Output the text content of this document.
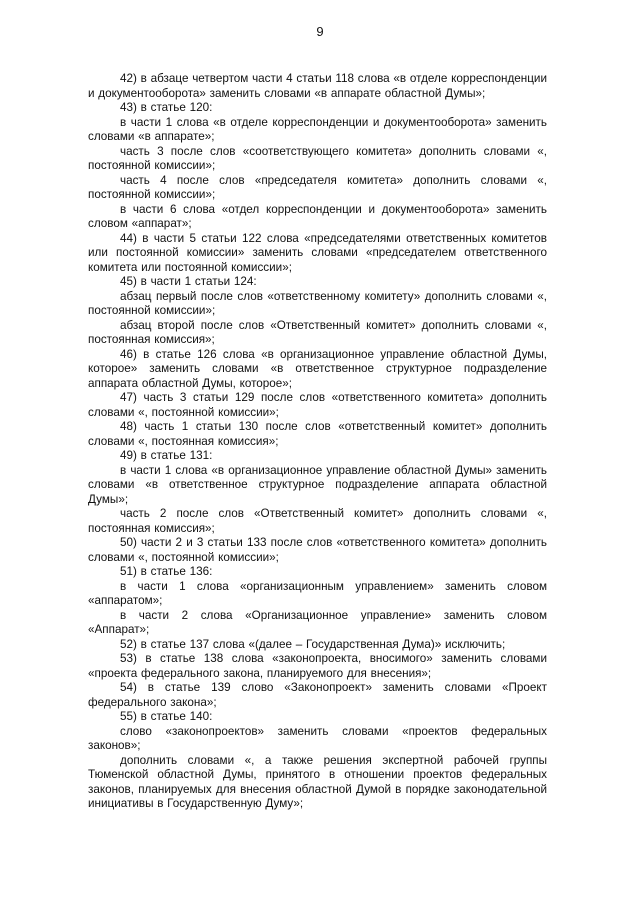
9

42) в абзаце четвертом части 4 статьи 118 слова «в отделе корреспонденции и документооборота» заменить словами «в аппарате областной Думы»;

43) в статье 120:

в части 1 слова «в отделе корреспонденции и документооборота» заменить словами «в аппарате»;

часть 3 после слов «соответствующего комитета» дополнить словами «, постоянной комиссии»;

часть 4 после слов «председателя комитета» дополнить словами «, постоянной комиссии»;

в части 6 слова «отдел корреспонденции и документооборота» заменить словом «аппарат»;

44) в части 5 статьи 122 слова «председателями ответственных комитетов или постоянной комиссии» заменить словами «председателем ответственного комитета или постоянной комиссии»;

45) в части 1 статьи 124:

абзац первый после слов «ответственному комитету» дополнить словами «, постоянной комиссии»;

абзац второй после слов «Ответственный комитет» дополнить словами «, постоянная комиссия»;

46) в статье 126 слова «в организационное управление областной Думы, которое» заменить словами «в ответственное структурное подразделение аппарата областной Думы, которое»;

47) часть 3 статьи 129 после слов «ответственного комитета» дополнить словами «, постоянной комиссии»;

48) часть 1 статьи 130 после слов «ответственный комитет» дополнить словами «, постоянная комиссия»;

49) в статье 131:

в части 1 слова «в организационное управление областной Думы» заменить словами «в ответственное структурное подразделение аппарата областной Думы»;

часть 2 после слов «Ответственный комитет» дополнить словами «, постоянная комиссия»;

50) части 2 и 3 статьи 133 после слов «ответственного комитета» дополнить словами «, постоянной комиссии»;

51) в статье 136:

в части 1 слова «организационным управлением» заменить словом «аппаратом»;

в части 2 слова «Организационное управление» заменить словом «Аппарат»;

52) в статье 137 слова «(далее – Государственная Дума)» исключить;

53) в статье 138 слова «законопроекта, вносимого» заменить словами «проекта федерального закона, планируемого для внесения»;

54) в статье 139 слово «Законопроект» заменить словами «Проект федерального закона»;

55) в статье 140:

слово «законопроектов» заменить словами «проектов федеральных законов»;

дополнить словами «, а также решения экспертной рабочей группы Тюменской областной Думы, принятого в отношении проектов федеральных законов, планируемых для внесения областной Думой в порядке законодательной инициативы в Государственную Думу»;
